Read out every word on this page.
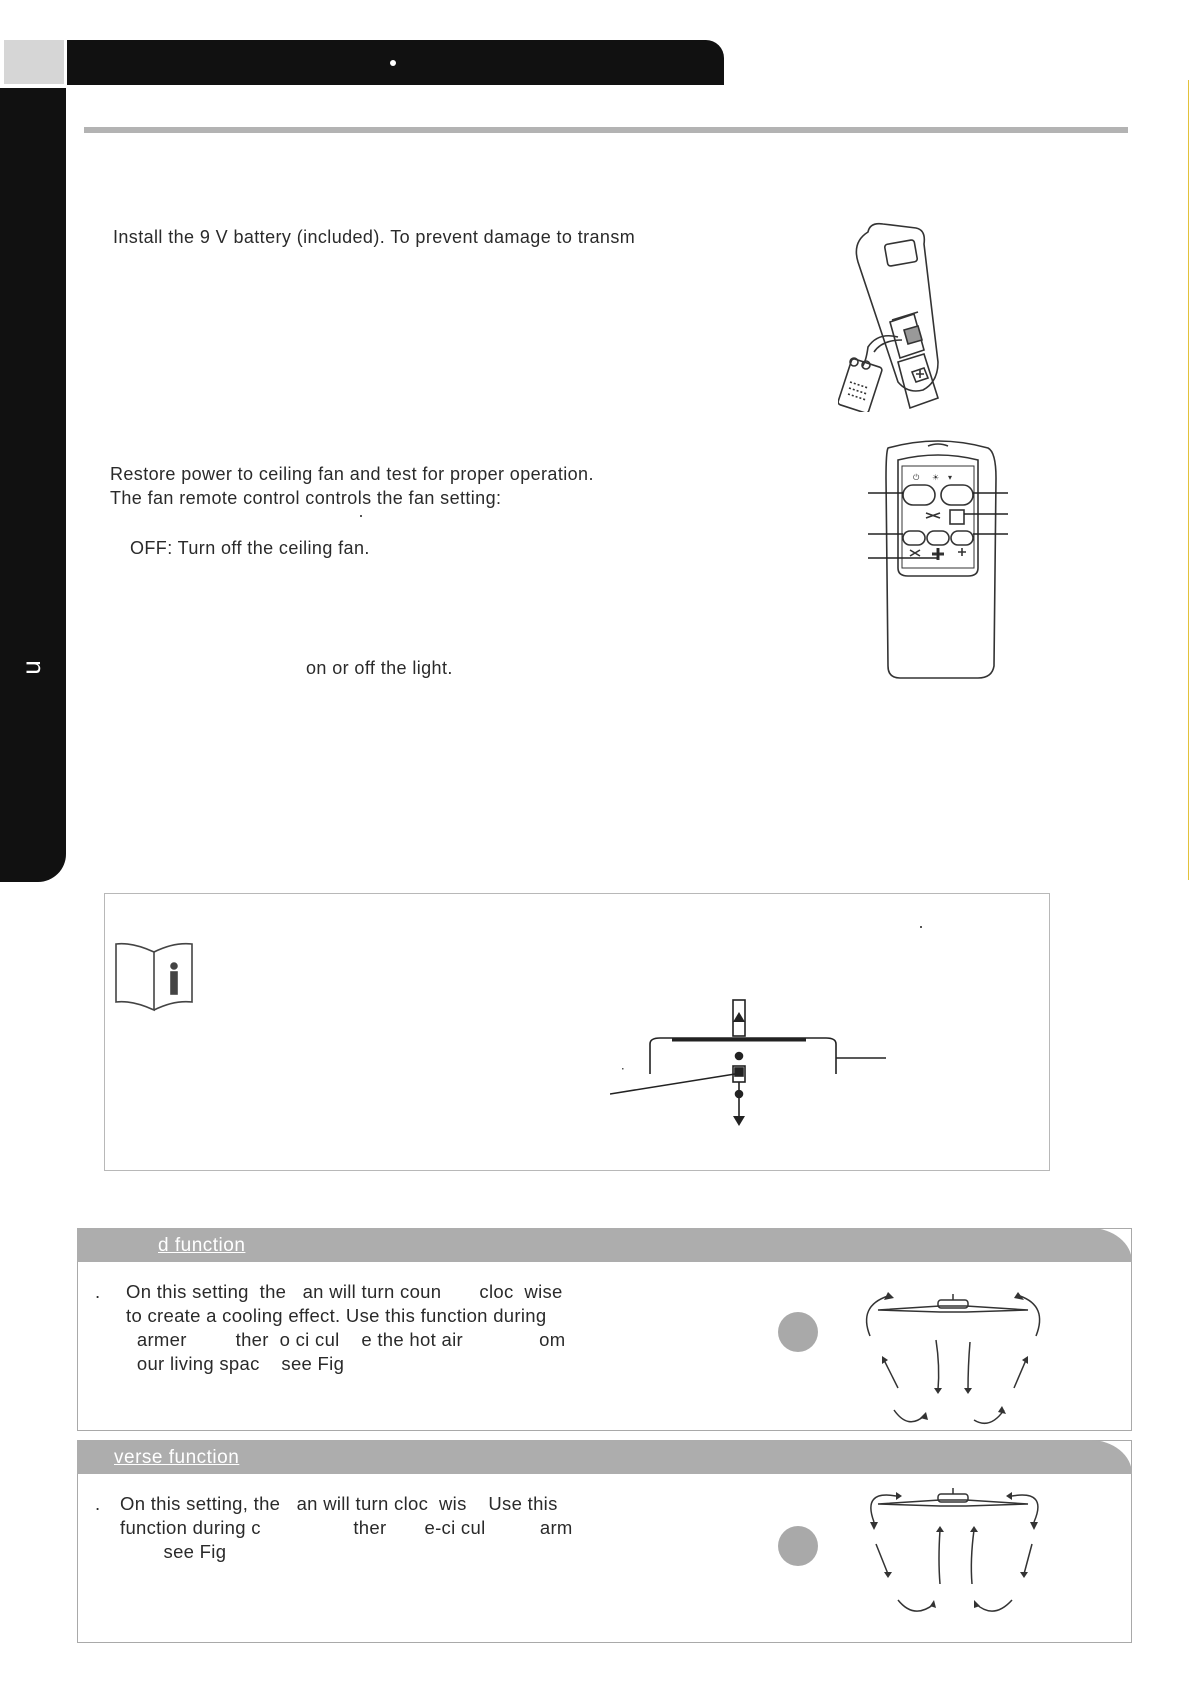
n
Install the 9 V battery (included). To prevent damage to transm
Restore power to ceiling fan and test for proper operation.
The fan remote control controls the fan setting:
OFF: Turn off the ceiling fan.
on or off the light.
⏻ ☀ ▾
d function
. On this setting  the   an will turn coun       cloc  wise
to create a cooling effect. Use this function during
armer         ther  o ci cul    e the hot air              om
our living spac    see Fig
verse function
. On this setting, the   an will turn cloc  wis    Use this
function during c                 ther       e-ci cul          arm
see Fig
